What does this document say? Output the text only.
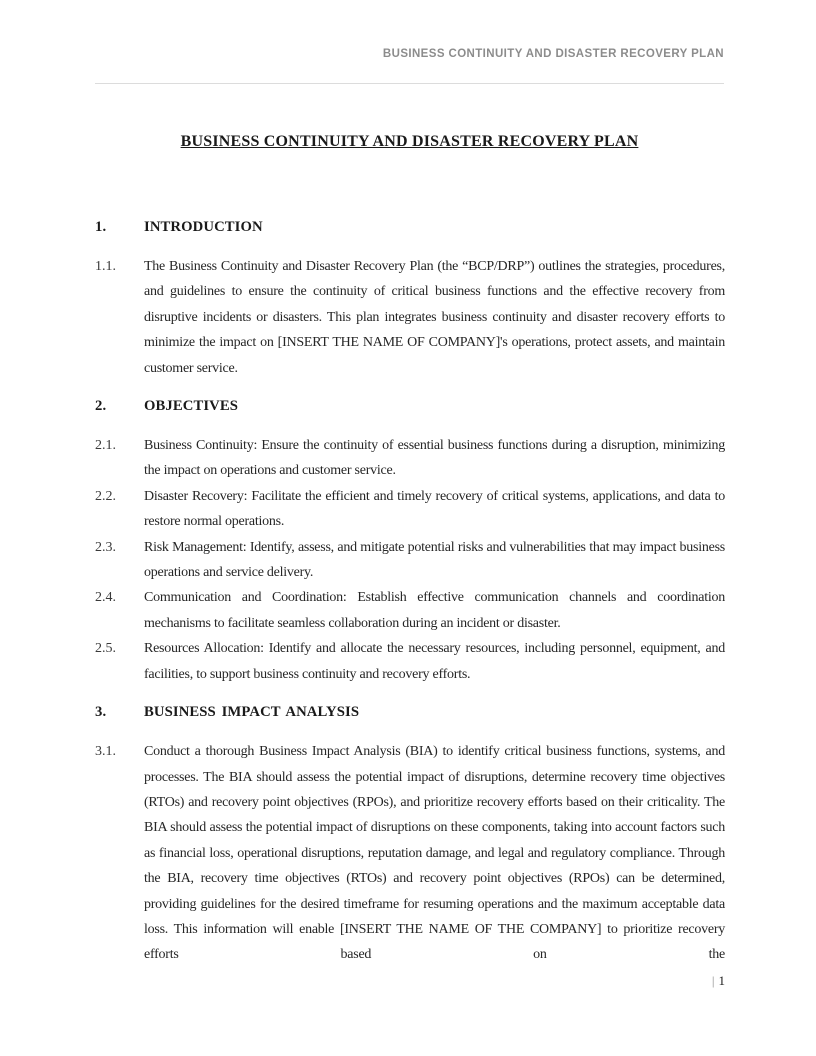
BUSINESS CONTINUITY AND DISASTER RECOVERY PLAN
BUSINESS CONTINUITY AND DISASTER RECOVERY PLAN
1.	INTRODUCTION
1.1.	The Business Continuity and Disaster Recovery Plan (the “BCP/DRP”) outlines the strategies, procedures, and guidelines to ensure the continuity of critical business functions and the effective recovery from disruptive incidents or disasters. This plan integrates business continuity and disaster recovery efforts to minimize the impact on [INSERT THE NAME OF COMPANY]'s operations, protect assets, and maintain customer service.

2.	OBJECTIVES
2.1.	Business Continuity: Ensure the continuity of essential business functions during a disruption, minimizing the impact on operations and customer service.

2.2.	Disaster Recovery: Facilitate the efficient and timely recovery of critical systems, applications, and data to restore normal operations.

2.3.	Risk Management: Identify, assess, and mitigate potential risks and vulnerabilities that may impact business operations and service delivery.

2.4.	Communication and Coordination: Establish effective communication channels and coordination mechanisms to facilitate seamless collaboration during an incident or disaster.

2.5.	Resources Allocation: Identify and allocate the necessary resources, including personnel, equipment, and facilities, to support business continuity and recovery efforts.

3.	BUSINESS IMPACT ANALYSIS
3.1.	Conduct a thorough Business Impact Analysis (BIA) to identify critical business functions, systems, and processes. The BIA should assess the potential impact of disruptions, determine recovery time objectives (RTOs) and recovery point objectives (RPOs), and prioritize recovery efforts based on their criticality. The BIA should assess the potential impact of disruptions on these components, taking into account factors such as financial loss, operational disruptions, reputation damage, and legal and regulatory compliance. Through the BIA, recovery time objectives (RTOs) and recovery point objectives (RPOs) can be determined, providing guidelines for the desired timeframe for resuming operations and the maximum acceptable data loss. This information will enable [INSERT THE NAME OF THE COMPANY] to prioritize recovery efforts based on the

| 1
